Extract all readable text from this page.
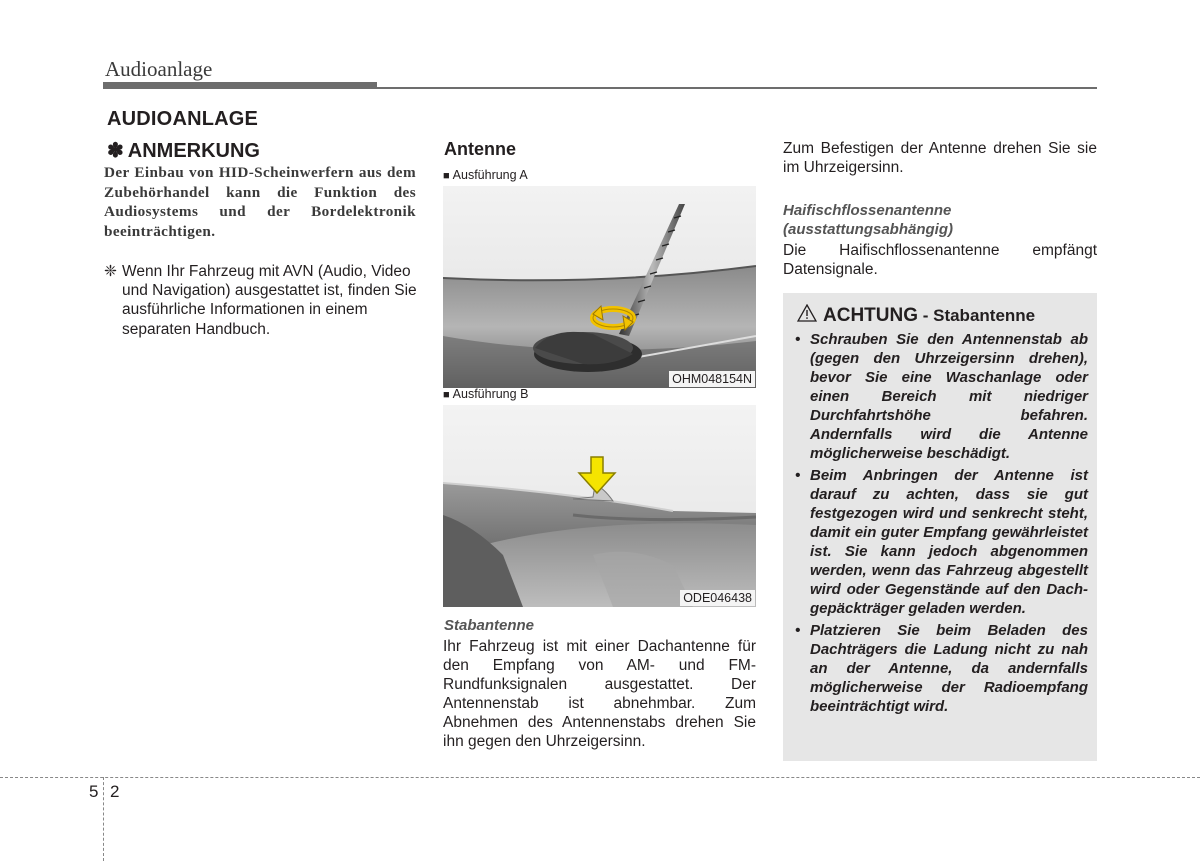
Audioanlage
AUDIOANLAGE
✽ ANMERKUNG
Der Einbau von HID-Scheinwerfern aus dem Zubehörhandel kann die Funktion des Audiosystems und der Bordelektronik beeinträchtigen.
❈ Wenn Ihr Fahrzeug mit AVN (Audio, Video und Navigation) ausgestattet ist, finden Sie ausführliche Informationen in einem separaten Handbuch.
Antenne
■ Ausführung A
OHM048154N
■ Ausführung B
ODE046438
Stabantenne
Ihr Fahrzeug ist mit einer Dachantenne für den Empfang von AM- und FM-Rundfunksignalen ausgestattet. Der Antennenstab ist abnehmbar. Zum Abnehmen des Antennenstabs drehen Sie ihn gegen den Uhrzeigersinn.
Zum Befestigen der Antenne drehen Sie sie im Uhrzeigersinn.
Haifischflossenantenne
(ausstattungsabhängig)
Die Haifischflossenantenne empfängt Datensignale.
ACHTUNG - Stabantenne
• Schrauben Sie den Antennenstab ab (gegen den Uhrzeigersinn drehen), bevor Sie eine Waschanlage oder einen Bereich mit niedriger Durchfahrtshöhe befahren. Andernfalls wird die Antenne möglicherweise beschädigt.
• Beim Anbringen der Antenne ist darauf zu achten, dass sie gut festgezogen wird und senkrecht steht, damit ein guter Empfang gewährleistet ist. Sie kann jedoch abgenommen werden, wenn das Fahrzeug abgestellt wird oder Gegenstände auf den Dach-gepäckträger geladen werden.
• Platzieren Sie beim Beladen des Dachträgers die Ladung nicht zu nah an der Antenne, da andernfalls möglicherweise der Radioempfang beeinträchtigt wird.
5 2
